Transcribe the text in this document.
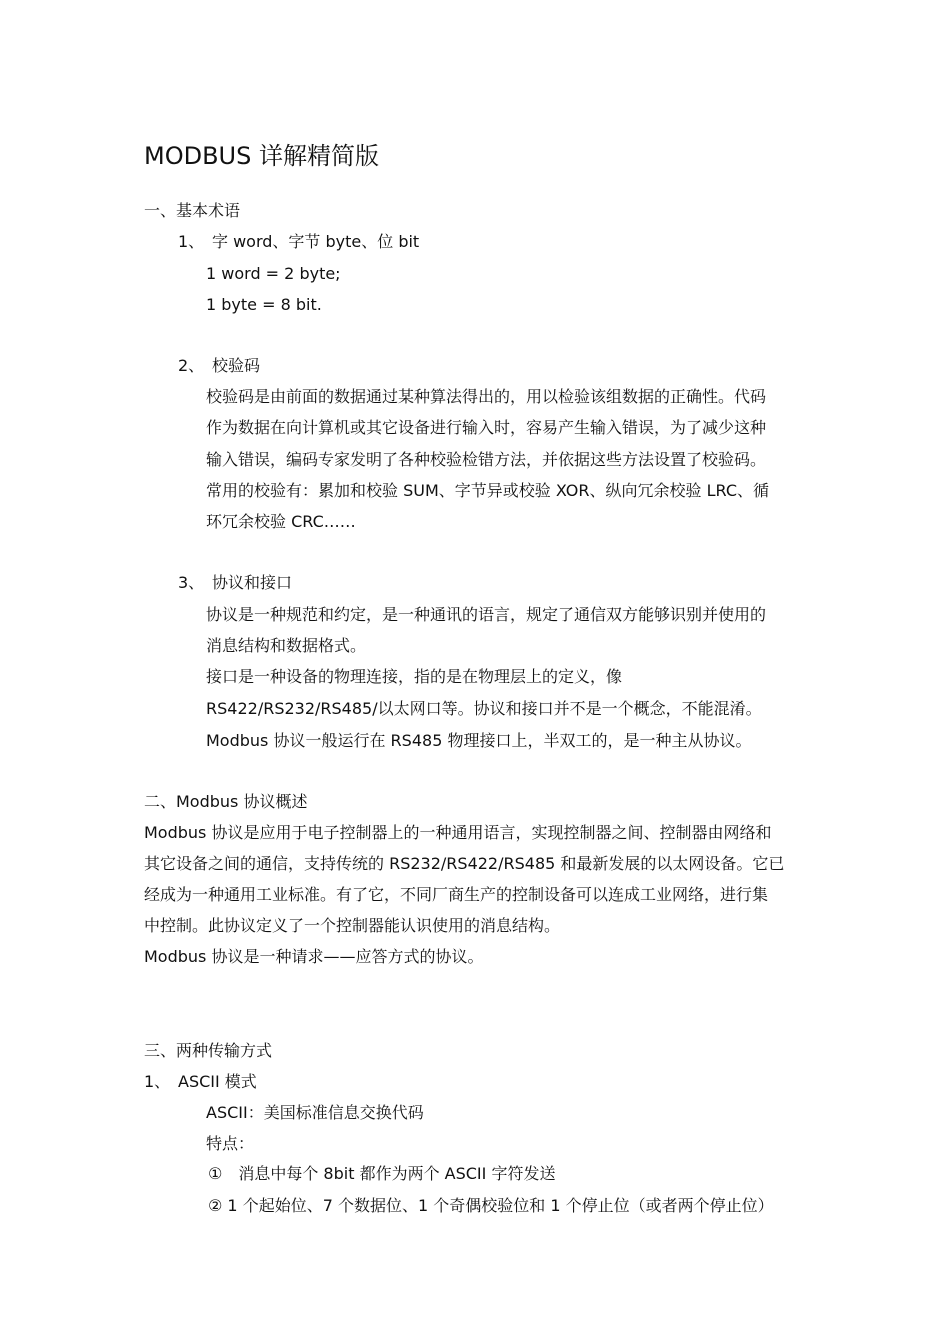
MODBUS 详解精简版
一、基本术语
1、 字 word、字节 byte、位 bit
1 word = 2 byte;
1 byte = 8 bit.
2、 校验码
校验码是由前面的数据通过某种算法得出的，用以检验该组数据的正确性。代码
作为数据在向计算机或其它设备进行输入时，容易产生输入错误，为了减少这种
输入错误，编码专家发明了各种校验检错方法，并依据这些方法设置了校验码。
常用的校验有：累加和校验 SUM、字节异或校验 XOR、纵向冗余校验 LRC、循
环冗余校验 CRC……
3、 协议和接口
协议是一种规范和约定，是一种通讯的语言，规定了通信双方能够识别并使用的
消息结构和数据格式。
接口是一种设备的物理连接，指的是在物理层上的定义，像
RS422/RS232/RS485/以太网口等。协议和接口并不是一个概念，不能混淆。
Modbus 协议一般运行在 RS485 物理接口上，半双工的，是一种主从协议。
二、Modbus 协议概述
Modbus 协议是应用于电子控制器上的一种通用语言，实现控制器之间、控制器由网络和
其它设备之间的通信，支持传统的 RS232/RS422/RS485 和最新发展的以太网设备。它已
经成为一种通用工业标准。有了它，不同厂商生产的控制设备可以连成工业网络，进行集
中控制。此协议定义了一个控制器能认识使用的消息结构。
Modbus 协议是一种请求——应答方式的协议。
三、两种传输方式
1、 ASCII 模式
ASCII：美国标准信息交换代码
特点：
①　消息中每个 8bit 都作为两个 ASCII 字符发送
② 1 个起始位、7 个数据位、1 个奇偶校验位和 1 个停止位（或者两个停止位）
